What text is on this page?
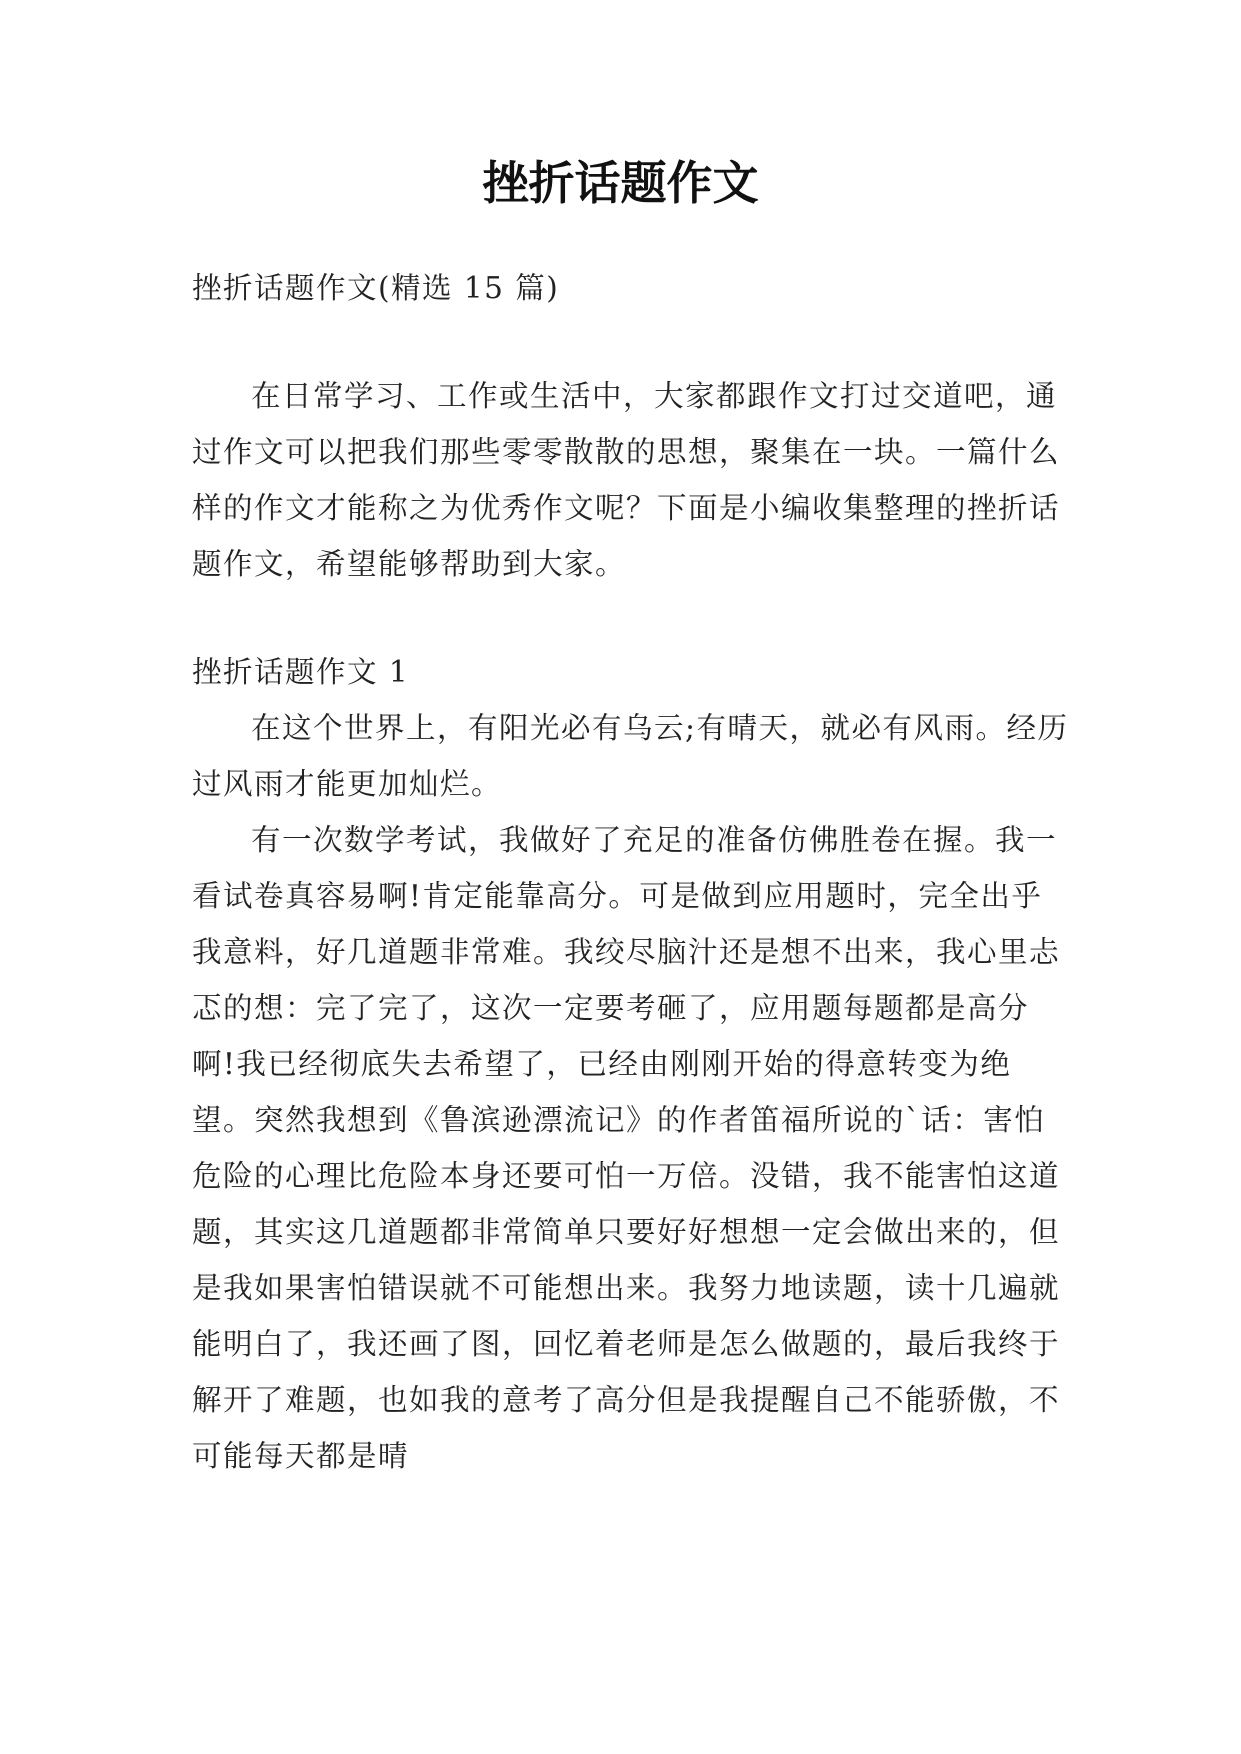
挫折话题作文

挫折话题作文(精选 15 篇)

在日常学习、工作或生活中，大家都跟作文打过交道吧，通过作文可以把我们那些零零散散的思想，聚集在一块。一篇什么样的作文才能称之为优秀作文呢？下面是小编收集整理的挫折话题作文，希望能够帮助到大家。

挫折话题作文 1

在这个世界上，有阳光必有乌云;有晴天，就必有风雨。经历过风雨才能更加灿烂。

有一次数学考试，我做好了充足的准备仿佛胜卷在握。我一看试卷真容易啊!肯定能靠高分。可是做到应用题时，完全出乎我意料，好几道题非常难。我绞尽脑汁还是想不出来，我心里忐忑的想：完了完了，这次一定要考砸了，应用题每题都是高分啊!我已经彻底失去希望了，已经由刚刚开始的得意转变为绝望。突然我想到《鲁滨逊漂流记》的作者笛福所说的`话：害怕危险的心理比危险本身还要可怕一万倍。没错，我不能害怕这道题，其实这几道题都非常简单只要好好想想一定会做出来的，但是我如果害怕错误就不可能想出来。我努力地读题，读十几遍就能明白了，我还画了图，回忆着老师是怎么做题的，最后我终于解开了难题，也如我的意考了高分但是我提醒自己不能骄傲，不可能每天都是晴
